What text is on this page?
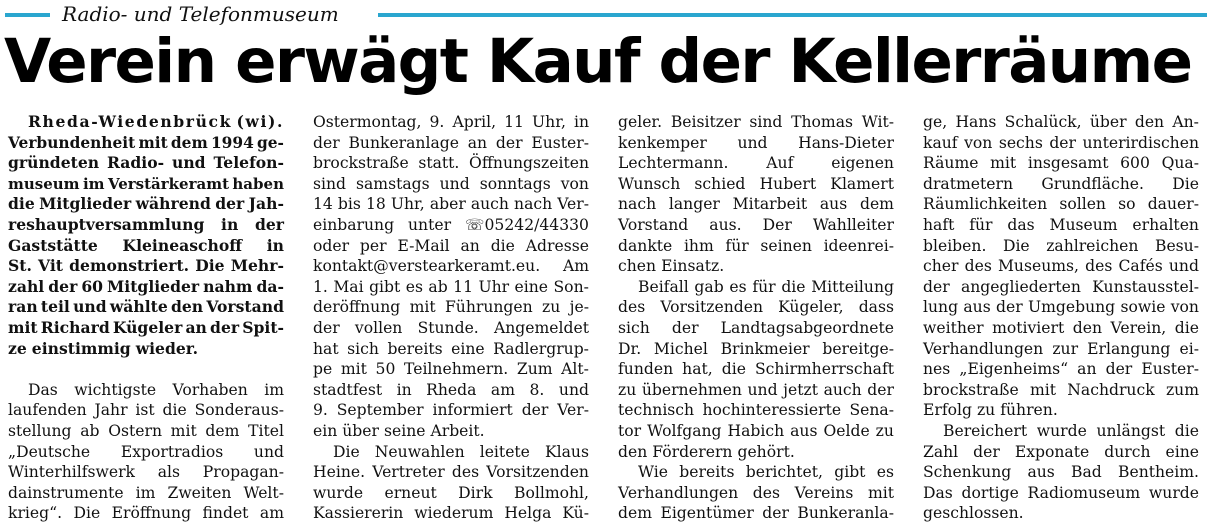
Radio- und Telefonmuseum
Verein erwägt Kauf der Kellerräume
Rheda-Wiedenbrück (wi).
Verbundenheit mit dem 1994 ge-
gründeten Radio- und Telefon-
museum im Verstärkeramt haben
die Mitglieder während der Jah-
reshauptversammlung in der
Gaststätte Kleineaschoff in
St. Vit demonstriert. Die Mehr-
zahl der 60 Mitglieder nahm da-
ran teil und wählte den Vorstand
mit Richard Kügeler an der Spit-
ze einstimmig wieder.
Das wichtigste Vorhaben im
laufenden Jahr ist die Sonderaus-
stellung ab Ostern mit dem Titel
„Deutsche Exportradios und
Winterhilfswerk als Propagan-
dainstrumente im Zweiten Welt-
krieg“. Die Eröffnung findet am
Ostermontag, 9. April, 11 Uhr, in
der Bunkeranlage an der Euster-
brockstraße statt. Öffnungszeiten
sind samstags und sonntags von
14 bis 18 Uhr, aber auch nach Ver-
einbarung unter ☏05242/44330
oder per E-Mail an die Adresse
kontakt@verstearkeramt.eu. Am
1. Mai gibt es ab 11 Uhr eine Son-
deröffnung mit Führungen zu je-
der vollen Stunde. Angemeldet
hat sich bereits eine Radlergrup-
pe mit 50 Teilnehmern. Zum Alt-
stadtfest in Rheda am 8. und
9. September informiert der Ver-
ein über seine Arbeit.
Die Neuwahlen leitete Klaus
Heine. Vertreter des Vorsitzenden
wurde erneut Dirk Bollmohl,
Kassiererin wiederum Helga Kü-
geler. Beisitzer sind Thomas Wit-
kenkemper und Hans-Dieter
Lechtermann. Auf eigenen
Wunsch schied Hubert Klamert
nach langer Mitarbeit aus dem
Vorstand aus. Der Wahlleiter
dankte ihm für seinen ideenrei-
chen Einsatz.
Beifall gab es für die Mitteilung
des Vorsitzenden Kügeler, dass
sich der Landtagsabgeordnete
Dr. Michel Brinkmeier bereitge-
funden hat, die Schirmherrschaft
zu übernehmen und jetzt auch der
technisch hochinteressierte Sena-
tor Wolfgang Habich aus Oelde zu
den Förderern gehört.
Wie bereits berichtet, gibt es
Verhandlungen des Vereins mit
dem Eigentümer der Bunkeranla-
ge, Hans Schalück, über den An-
kauf von sechs der unterirdischen
Räume mit insgesamt 600 Qua-
dratmetern Grundfläche. Die
Räumlichkeiten sollen so dauer-
haft für das Museum erhalten
bleiben. Die zahlreichen Besu-
cher des Museums, des Cafés und
der angegliederten Kunstausstel-
lung aus der Umgebung sowie von
weither motiviert den Verein, die
Verhandlungen zur Erlangung ei-
nes „Eigenheims“ an der Euster-
brockstraße mit Nachdruck zum
Erfolg zu führen.
Bereichert wurde unlängst die
Zahl der Exponate durch eine
Schenkung aus Bad Bentheim.
Das dortige Radiomuseum wurde
geschlossen.
